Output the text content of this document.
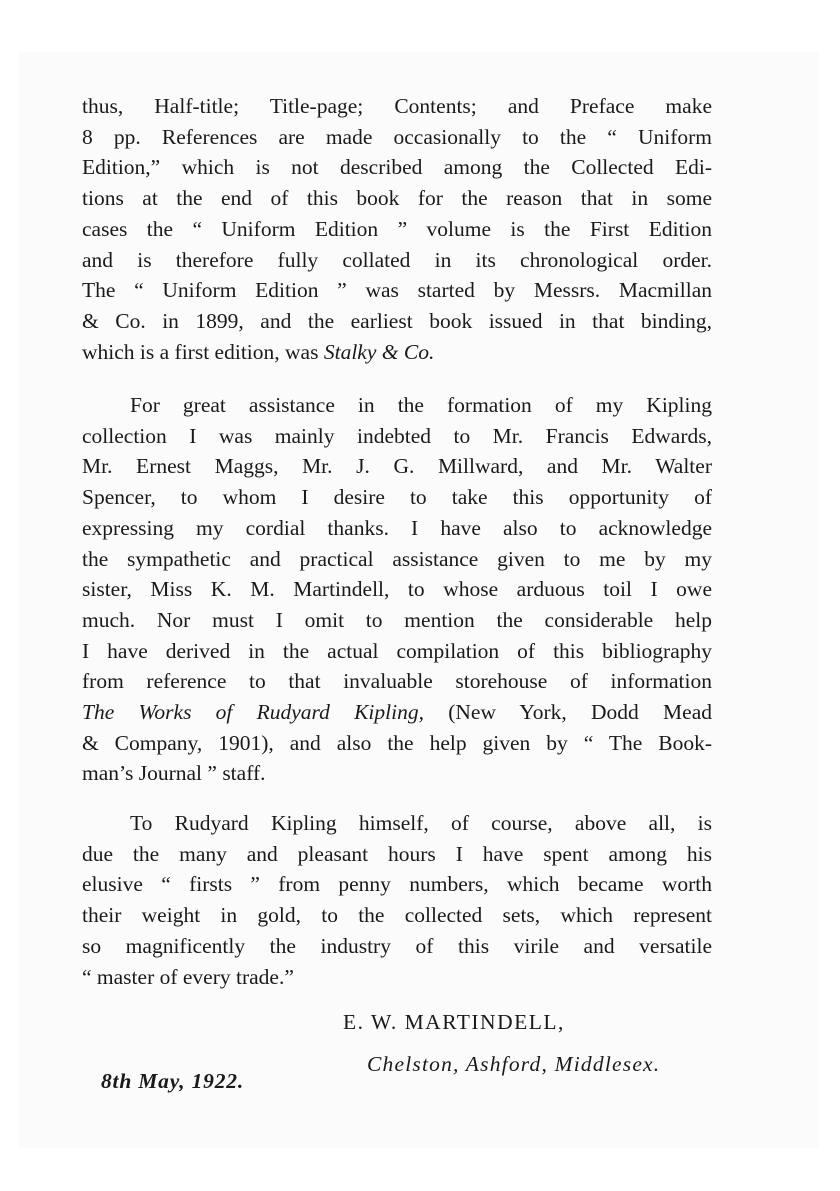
thus, Half-title; Title-page; Contents; and Preface make
8 pp. References are made occasionally to the “ Uniform
Edition,” which is not described among the Collected Edi-
tions at the end of this book for the reason that in some
cases the “ Uniform Edition ” volume is the First Edition
and is therefore fully collated in its chronological order.
The “ Uniform Edition ” was started by Messrs. Macmillan
& Co. in 1899, and the earliest book issued in that binding,
which is a first edition, was Stalky & Co.
For great assistance in the formation of my Kipling
collection I was mainly indebted to Mr. Francis Edwards,
Mr. Ernest Maggs, Mr. J. G. Millward, and Mr. Walter
Spencer, to whom I desire to take this opportunity of
expressing my cordial thanks. I have also to acknowledge
the sympathetic and practical assistance given to me by my
sister, Miss K. M. Martindell, to whose arduous toil I owe
much. Nor must I omit to mention the considerable help
I have derived in the actual compilation of this bibliography
from reference to that invaluable storehouse of information
The Works of Rudyard Kipling, (New York, Dodd Mead
& Company, 1901), and also the help given by “ The Book-
man’s Journal ” staff.
To Rudyard Kipling himself, of course, above all, is
due the many and pleasant hours I have spent among his
elusive “ firsts ” from penny numbers, which became worth
their weight in gold, to the collected sets, which represent
so magnificently the industry of this virile and versatile
“ master of every trade.”
E. W. MARTINDELL,
Chelston, Ashford, Middlesex.
8th May, 1922.
